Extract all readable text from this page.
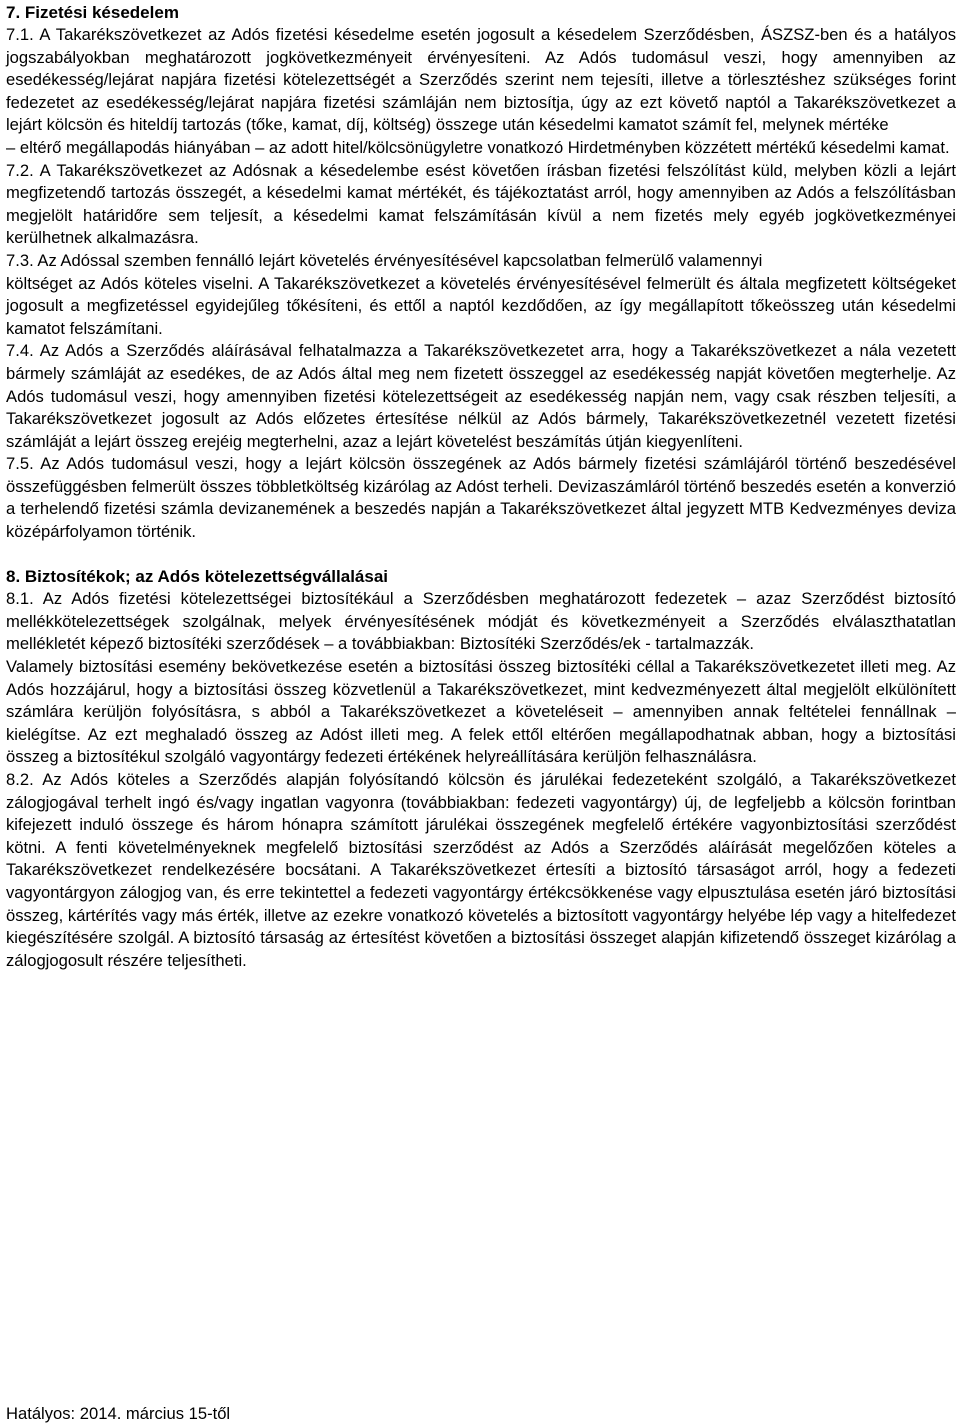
7. Fizetési késedelem

7.1. A Takarékszövetkezet az Adós fizetési késedelme esetén jogosult a késedelem Szerződésben, ÁSZSZ-ben és a hatályos jogszabályokban meghatározott jogkövetkezményeit érvényesíteni. Az Adós tudomásul veszi, hogy amennyiben az esedékesség/lejárat napjára fizetési kötelezettségét a Szerződés szerint nem tejesíti, illetve a törlesztéshez szükséges forint fedezetet az esedékesség/lejárat napjára fizetési számláján nem biztosítja, úgy az ezt követő naptól a Takarékszövetkezet a lejárt kölcsön és hiteldíj tartozás (tőke, kamat, díj, költség) összege után késedelmi kamatot számít fel, melynek mértéke

– eltérő megállapodás hiányában – az adott hitel/kölcsönügyletre vonatkozó Hirdetményben közzétett mértékű késedelmi kamat.

7.2. A Takarékszövetkezet az Adósnak a késedelembe esést követően írásban fizetési felszólítást küld, melyben közli a lejárt megfizetendő tartozás összegét, a késedelmi kamat mértékét, és tájékoztatást arról, hogy amennyiben az Adós a felszólításban megjelölt határidőre sem teljesít, a késedelmi kamat felszámításán kívül a nem fizetés mely egyéb jogkövetkezményei kerülhetnek alkalmazásra.

7.3. Az Adóssal szemben fennálló lejárt követelés érvényesítésével kapcsolatban felmerülő valamennyi

költséget az Adós köteles viselni. A Takarékszövetkezet a követelés érvényesítésével felmerült és általa megfizetett költségeket jogosult a megfizetéssel egyidejűleg tőkésíteni, és ettől a naptól kezdődően, az így megállapított tőkeösszeg után késedelmi kamatot felszámítani.

7.4. Az Adós a Szerződés aláírásával felhatalmazza a Takarékszövetkezetet arra, hogy a Takarékszövetkezet a nála vezetett bármely számláját az esedékes, de az Adós által meg nem fizetett összeggel az esedékesség napját követően megterhelje. Az Adós tudomásul veszi, hogy amennyiben fizetési kötelezettségeit az esedékesség napján nem, vagy csak részben teljesíti, a Takarékszövetkezet jogosult az Adós előzetes értesítése nélkül az Adós bármely, Takarékszövetkezetnél vezetett fizetési számláját a lejárt összeg erejéig megterhelni, azaz a lejárt követelést beszámítás útján kiegyenlíteni.

7.5. Az Adós tudomásul veszi, hogy a lejárt kölcsön összegének az Adós bármely fizetési számlájáról történő beszedésével összefüggésben felmerült összes többletköltség kizárólag az Adóst terheli. Devizaszámláról történő beszedés esetén a konverzió a terhelendő fizetési számla devizanemének a beszedés napján a Takarékszövetkezet által jegyzett MTB Kedvezményes deviza középárfolyamon történik.

8. Biztosítékok; az Adós kötelezettségvállalásai

8.1. Az Adós fizetési kötelezettségei biztosítékául a Szerződésben meghatározott fedezetek – azaz Szerződést biztosító mellékkötelezettségek szolgálnak, melyek érvényesítésének módját és következményeit a Szerződés elválaszthatatlan mellékletét képező biztosítéki szerződések – a továbbiakban: Biztosítéki Szerződés/ek - tartalmazzák.

Valamely biztosítási esemény bekövetkezése esetén a biztosítási összeg biztosítéki céllal a Takarékszövetkezetet illeti meg. Az Adós hozzájárul, hogy a biztosítási összeg közvetlenül a Takarékszövetkezet, mint kedvezményezett által megjelölt elkülönített számlára kerüljön folyósításra, s abból a Takarékszövetkezet a követeléseit – amennyiben annak feltételei fennállnak – kielégítse. Az ezt meghaladó összeg az Adóst illeti meg. A felek ettől eltérően megállapodhatnak abban, hogy a biztosítási összeg a biztosítékul szolgáló vagyontárgy fedezeti értékének helyreállítására kerüljön felhasználásra.

8.2. Az Adós köteles a Szerződés alapján folyósítandó kölcsön és járulékai fedezeteként szolgáló, a Takarékszövetkezet zálogjogával terhelt ingó és/vagy ingatlan vagyonra (továbbiakban: fedezeti vagyontárgy) új, de legfeljebb a kölcsön forintban kifejezett induló összege és három hónapra számított járulékai összegének megfelelő értékére vagyonbiztosítási szerződést kötni. A fenti követelményeknek megfelelő biztosítási szerződést az Adós a Szerződés aláírását megelőzően köteles a Takarékszövetkezet rendelkezésére bocsátani. A Takarékszövetkezet értesíti a biztosító társaságot arról, hogy a fedezeti vagyontárgyon zálogjog van, és erre tekintettel a fedezeti vagyontárgy értékcsökkenése vagy elpusztulása esetén járó biztosítási összeg, kártérítés vagy más érték, illetve az ezekre vonatkozó követelés a biztosított vagyontárgy helyébe lép vagy a hitelfedezet kiegészítésére szolgál. A biztosító társaság az értesítést követően a biztosítási összeget alapján kifizetendő összeget kizárólag a zálogjogosult részére teljesítheti.

Hatályos: 2014. március 15-től
